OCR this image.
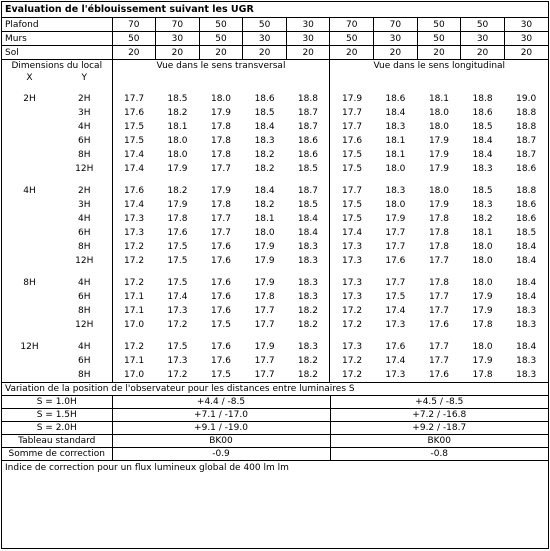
Evaluation de l'éblouissement suivant les UGR
Plafond	70	70	50	50	30	70	70	50	50	30
Murs	50	30	50	30	30	50	30	50	30	30
Sol	20	20	20	20	20	20	20	20	20	20
Dimensions du local		Vue dans le sens transversal					Vue dans le sens longitudinal				
X	Y										

2H	2H	17.7	18.5	18.0	18.6	18.8	17.9	18.6	18.1	18.8	19.0
	3H	17.6	18.2	17.9	18.5	18.7	17.7	18.4	18.0	18.6	18.8
	4H	17.5	18.1	17.8	18.4	18.7	17.7	18.3	18.0	18.5	18.8
	6H	17.5	18.0	17.8	18.3	18.6	17.6	18.1	17.9	18.4	18.7
	8H	17.4	18.0	17.8	18.2	18.6	17.5	18.1	17.9	18.4	18.7
	12H	17.4	17.9	17.7	18.2	18.5	17.5	18.0	17.9	18.3	18.6

4H	2H	17.6	18.2	17.9	18.4	18.7	17.7	18.3	18.0	18.5	18.8
	3H	17.4	17.9	17.8	18.2	18.5	17.5	18.0	17.9	18.3	18.6
	4H	17.3	17.8	17.7	18.1	18.4	17.5	17.9	17.8	18.2	18.6
	6H	17.3	17.6	17.7	18.0	18.4	17.4	17.7	17.8	18.1	18.5
	8H	17.2	17.5	17.6	17.9	18.3	17.3	17.7	17.8	18.0	18.4
	12H	17.2	17.5	17.6	17.9	18.3	17.3	17.6	17.7	18.0	18.4

8H	4H	17.2	17.5	17.6	17.9	18.3	17.3	17.7	17.8	18.0	18.4
	6H	17.1	17.4	17.6	17.8	18.3	17.3	17.5	17.7	17.9	18.4
	8H	17.1	17.3	17.6	17.7	18.2	17.2	17.4	17.7	17.9	18.3
	12H	17.0	17.2	17.5	17.7	18.2	17.2	17.3	17.6	17.8	18.3

12H	4H	17.2	17.5	17.6	17.9	18.3	17.3	17.6	17.7	18.0	18.4
	6H	17.1	17.3	17.6	17.7	18.2	17.2	17.4	17.7	17.9	18.3
	8H	17.0	17.2	17.5	17.7	18.2	17.2	17.3	17.6	17.8	18.3
Variation de la position de l'observateur pour les distances entre luminaires S		
S = 1.0H	+4.4 / -8.5	+4.5 / -8.5
S = 1.5H	+7.1 / -17.0	+7.2 / -16.8
S = 2.0H	+9.1 / -19.0	+9.2 / -18.7
Tableau standard	BK00	BK00
Somme de correction	-0.9	-0.8
Indice de correction pour un flux lumineux global de 400 lm lm
